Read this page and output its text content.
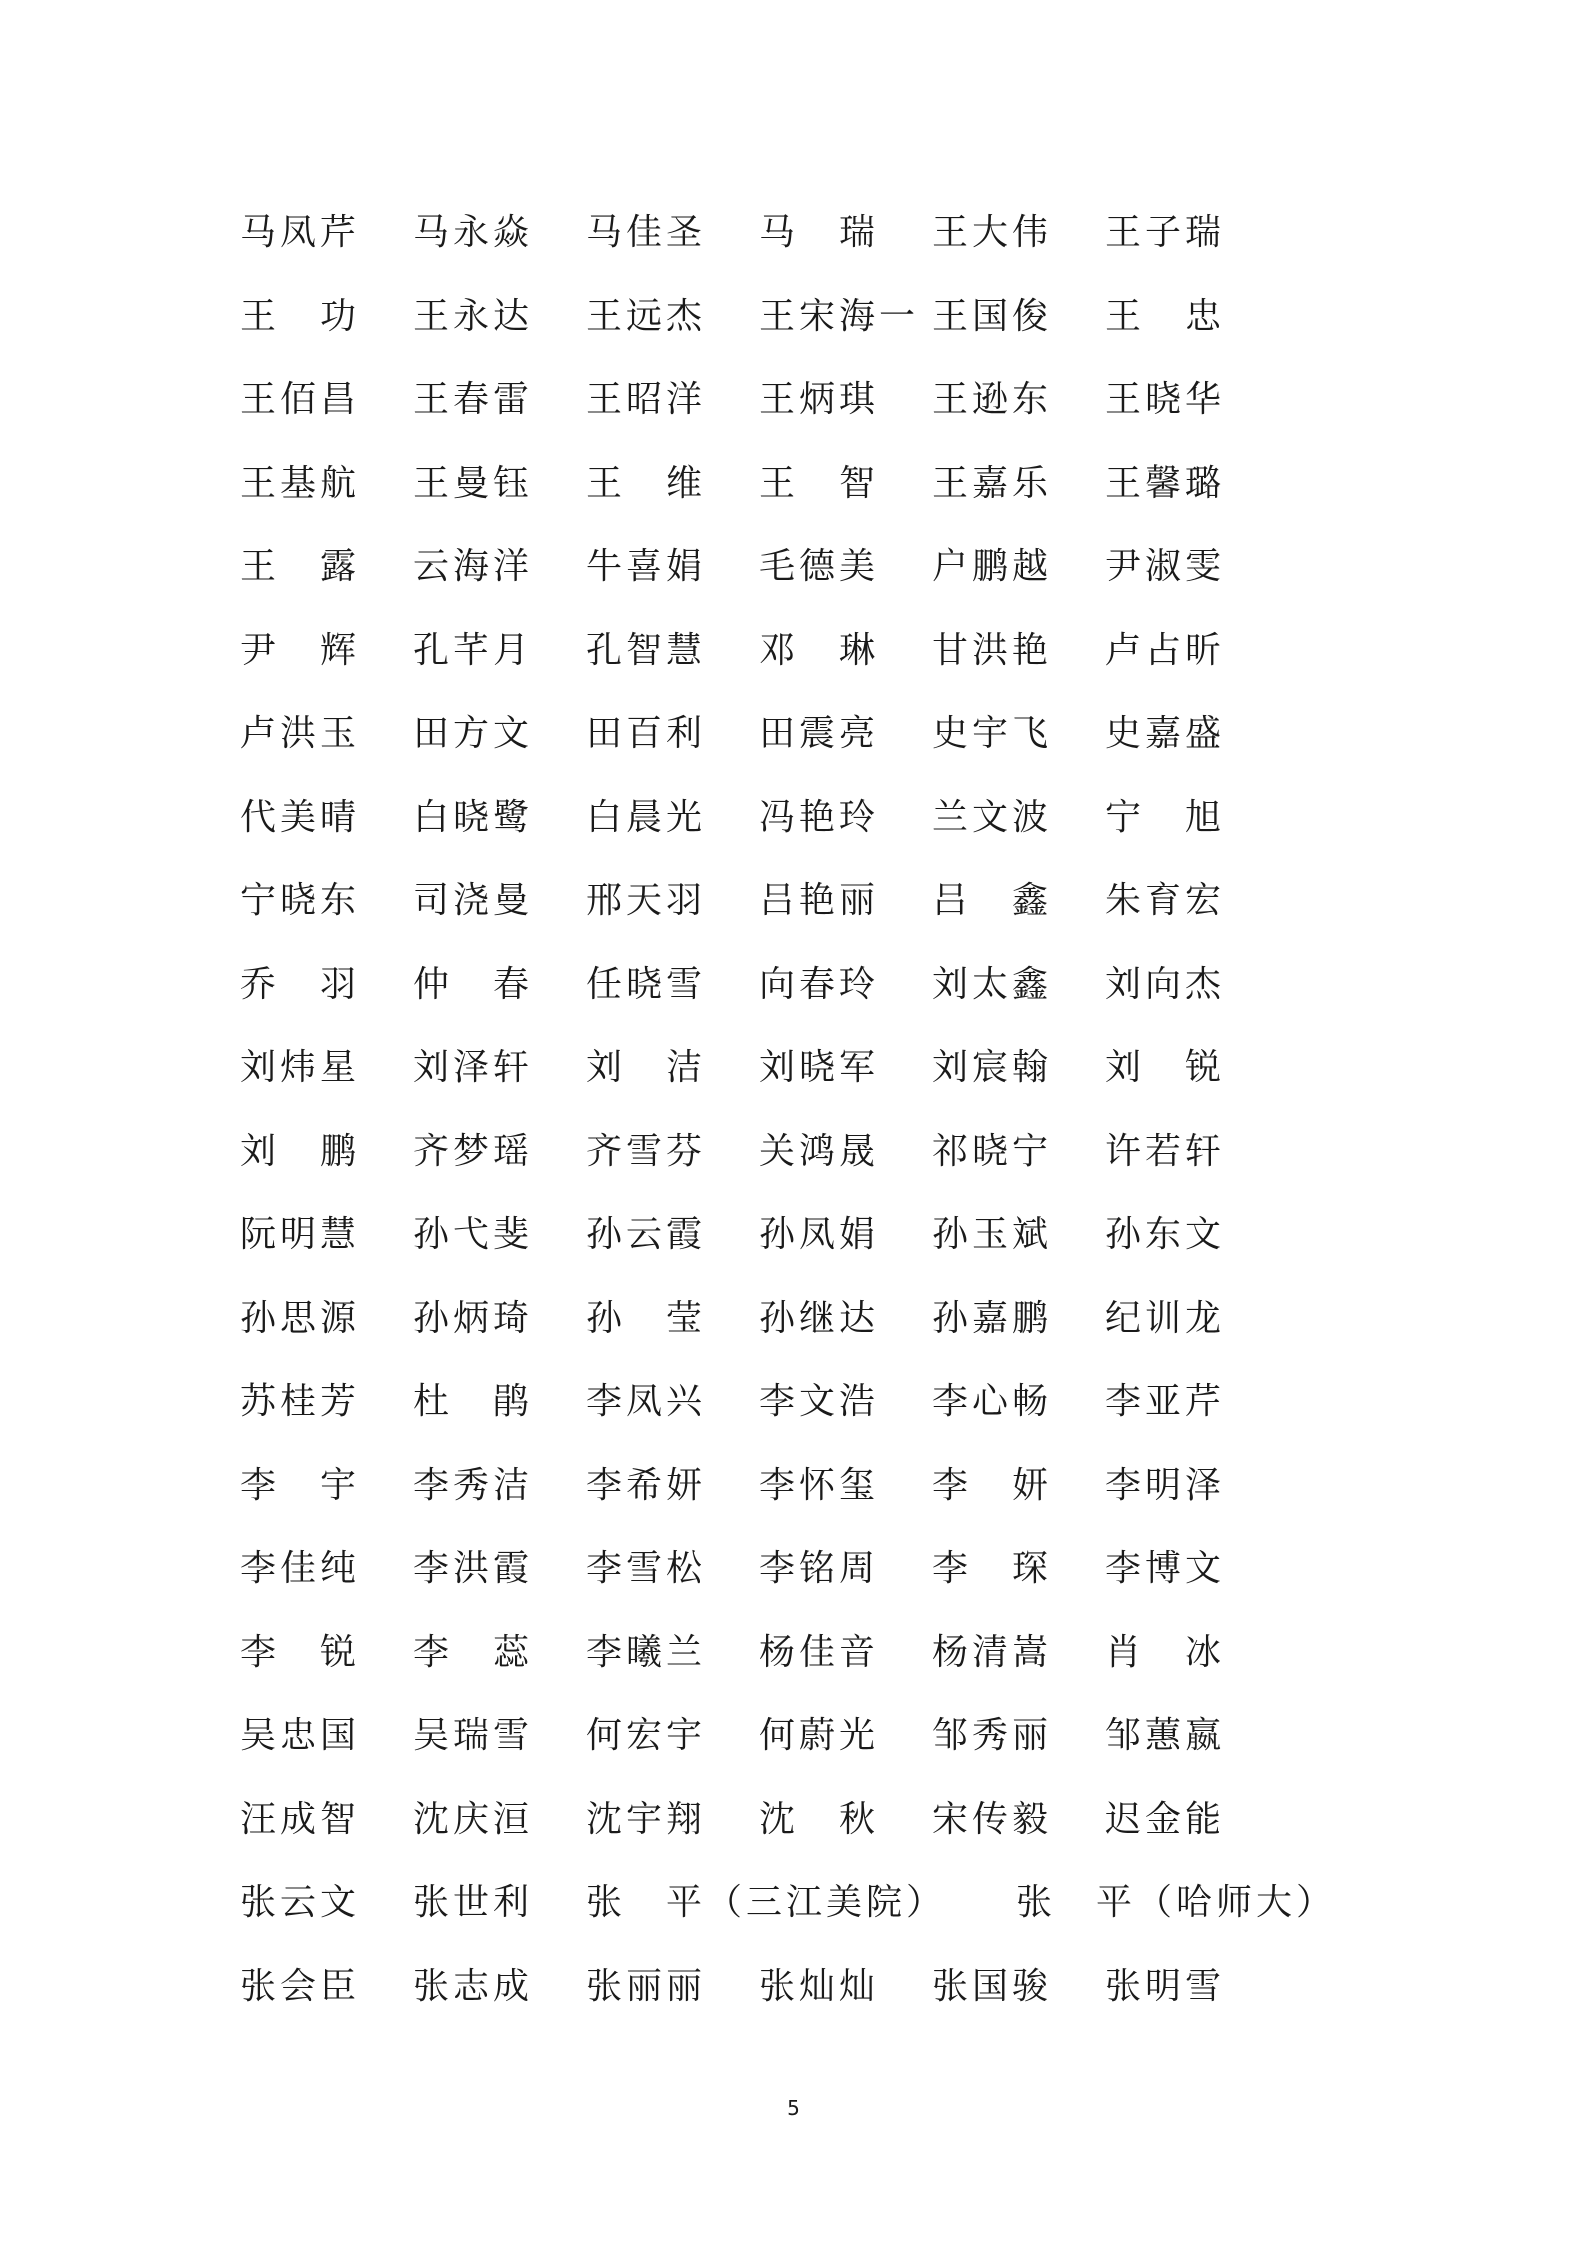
马凤芹 马永焱 马佳圣 马　瑞 王大伟 王子瑞
王　功 王永达 王远杰 王宋海一 王国俊 王　忠
王佰昌 王春雷 王昭洋 王炳琪 王逊东 王晓华
王基航 王曼钰 王　维 王　智 王嘉乐 王馨璐
王　露 云海洋 牛喜娟 毛德美 户鹏越 尹淑雯
尹　辉 孔芊月 孔智慧 邓　琳 甘洪艳 卢占昕
卢洪玉 田方文 田百利 田震亮 史宇飞 史嘉盛
代美晴 白晓鹭 白晨光 冯艳玲 兰文波 宁　旭
宁晓东 司浇曼 邢天羽 吕艳丽 吕　鑫 朱育宏
乔　羽 仲　春 任晓雪 向春玲 刘太鑫 刘向杰
刘炜星 刘泽轩 刘　洁 刘晓军 刘宸翰 刘　锐
刘　鹏 齐梦瑶 齐雪芬 关鸿晟 祁晓宁 许若轩
阮明慧 孙弋斐 孙云霞 孙凤娟 孙玉斌 孙东文
孙思源 孙炳琦 孙　莹 孙继达 孙嘉鹏 纪训龙
苏桂芳 杜　鹃 李凤兴 李文浩 李心畅 李亚芹
李　宇 李秀洁 李希妍 李怀玺 李　妍 李明泽
李佳纯 李洪霞 李雪松 李铭周 李　琛 李博文
李　锐 李　蕊 李曦兰 杨佳音 杨清嵩 肖　冰
吴忠国 吴瑞雪 何宏宇 何蔚光 邹秀丽 邹蕙嬴
汪成智 沈庆洹 沈宇翔 沈　秋 宋传毅 迟金能
张云文 张世利 张　平（三江美院） 张　平（哈师大）
张会臣 张志成 张丽丽 张灿灿 张国骏 张明雪
5
